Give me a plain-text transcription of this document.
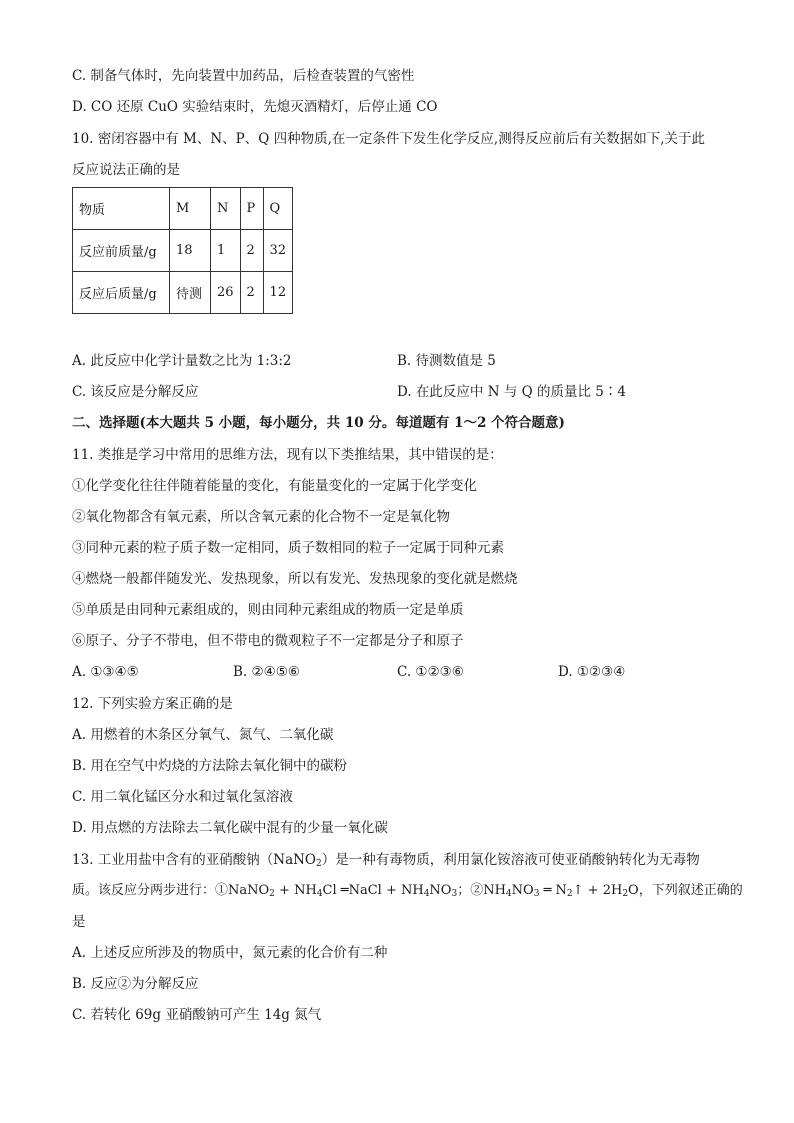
C. 制备气体时，先向装置中加药品，后检查装置的气密性
D. CO 还原 CuO 实验结束时，先熄灭酒精灯，后停止通 CO
10. 密闭容器中有 M、N、P、Q 四种物质,在一定条件下发生化学反应,测得反应前后有关数据如下,关于此
反应说法正确的是
物质	M	N	P	Q
反应前质量/g	18	1	2	32
反应后质量/g	待测	26	2	12
A. 此反应中化学计量数之比为 1:3:2	B. 待测数值是 5
C. 该反应是分解反应	D. 在此反应中 N 与 Q 的质量比 5∶4
二、选择题(本大题共 5 小题，每小题分，共 10 分。每道题有 1～2 个符合题意)
11. 类推是学习中常用的思维方法，现有以下类推结果，其中错误的是：
①化学变化往往伴随着能量的变化，有能量变化的一定属于化学变化
②氧化物都含有氧元素，所以含氧元素的化合物不一定是氧化物
③同种元素的粒子质子数一定相同，质子数相同的粒子一定属于同种元素
④燃烧一般都伴随发光、发热现象，所以有发光、发热现象的变化就是燃烧
⑤单质是由同种元素组成的，则由同种元素组成的物质一定是单质
⑥原子、分子不带电，但不带电的微观粒子不一定都是分子和原子
A. ①③④⑤	B. ②④⑤⑥	C. ①②③⑥	D. ①②③④
12. 下列实验方案正确的是
A. 用燃着的木条区分氧气、氮气、二氧化碳
B. 用在空气中灼烧的方法除去氧化铜中的碳粉
C. 用二氧化锰区分水和过氧化氢溶液
D. 用点燃的方法除去二氧化碳中混有的少量一氧化碳
13. 工业用盐中含有的亚硝酸钠（NaNO$_2$）是一种有毒物质，利用氯化铵溶液可使亚硝酸钠转化为无毒物
质。该反应分两步进行：①NaNO$_2$ + $NH_4Cl$ ═NaCl + $NH_4NO_3$；$②NH_4NO_3$ ═ $N_2↑ + 2H_2O$，下列叙述正确的
是
A. 上述反应所涉及的物质中，氮元素的化合价有二种
B. 反应②为分解反应
C. 若转化 69g 亚硝酸钠可产生 14g 氮气
